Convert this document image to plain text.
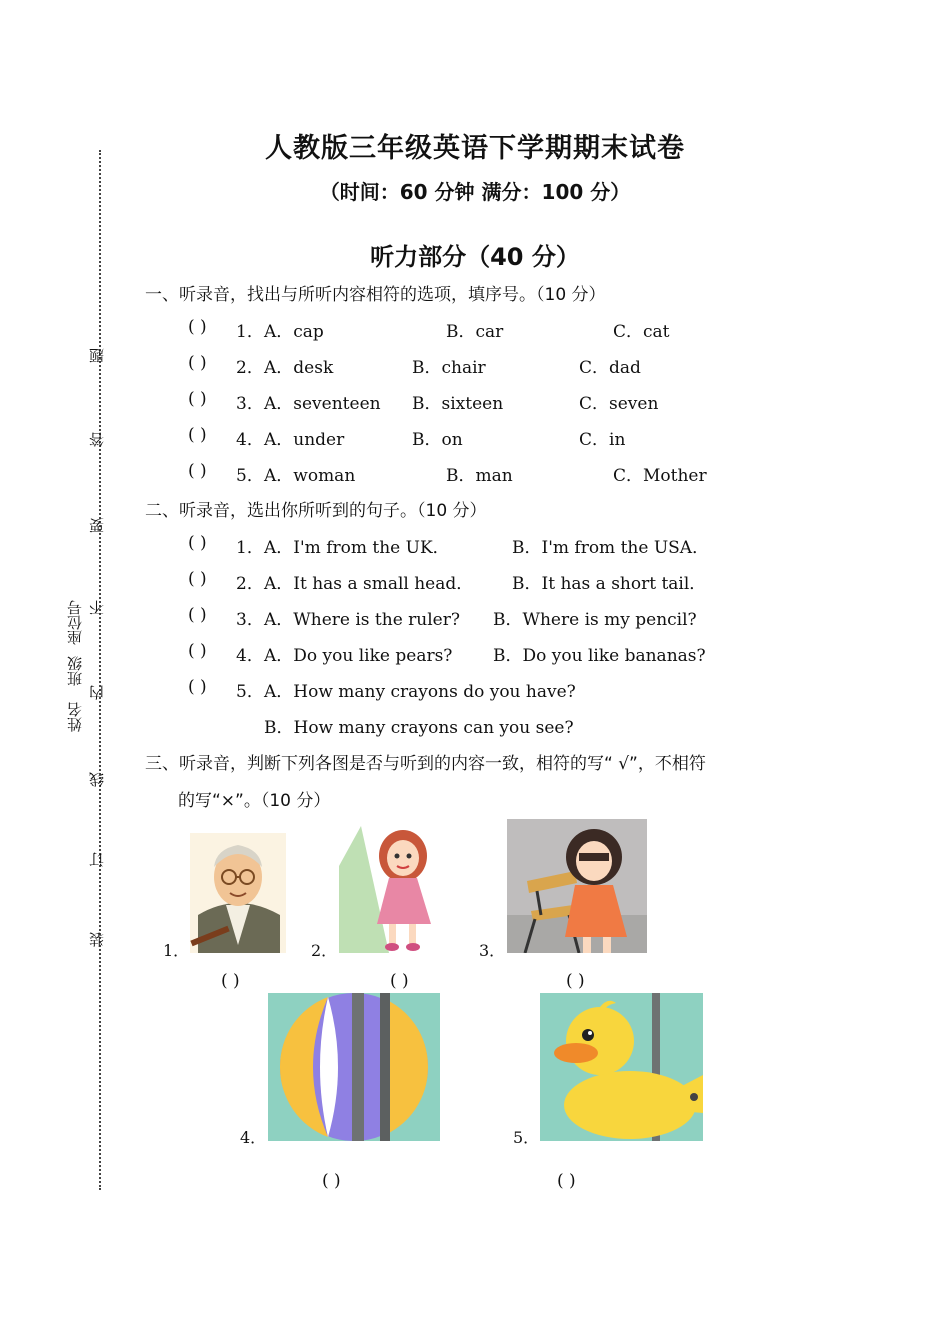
装
订
线
内
不
要
答
题
姓名
班级
座位号
人教版三年级英语下学期期末试卷
（时间：60 分钟 满分：100 分）
听力部分（40 分）
一、听录音，找出与所听内容相符的选项，填序号。（10 分）
( ) 1． A．cap	B．car	C．cat
( ) 2． A．desk	B．chair	C．dad
( ) 3． A．seventeen B．sixteen	C．seven
( ) 4． A．under	B．on	C．in
( ) 5． A．woman	B．man	C．Mother
二、听录音，选出你所听到的句子。（10 分）
( ) 1． A．I'm from the UK．	B．I'm from the USA．
( ) 2． A．It has a small head． B．It has a short tail．
( ) 3． A．Where is the ruler? B．Where is my pencil?
( ) 4． A．Do you like pears? B．Do you like bananas?
( ) 5． A．How many crayons do you have?
B．How many crayons can you see?
三、听录音，判断下列各图是否与听到的内容一致，相符的写“ √”，不相符
的写“×”。（10 分）
1．
( )
2．
( )
3．
( )
4．
( )
5．
( )
